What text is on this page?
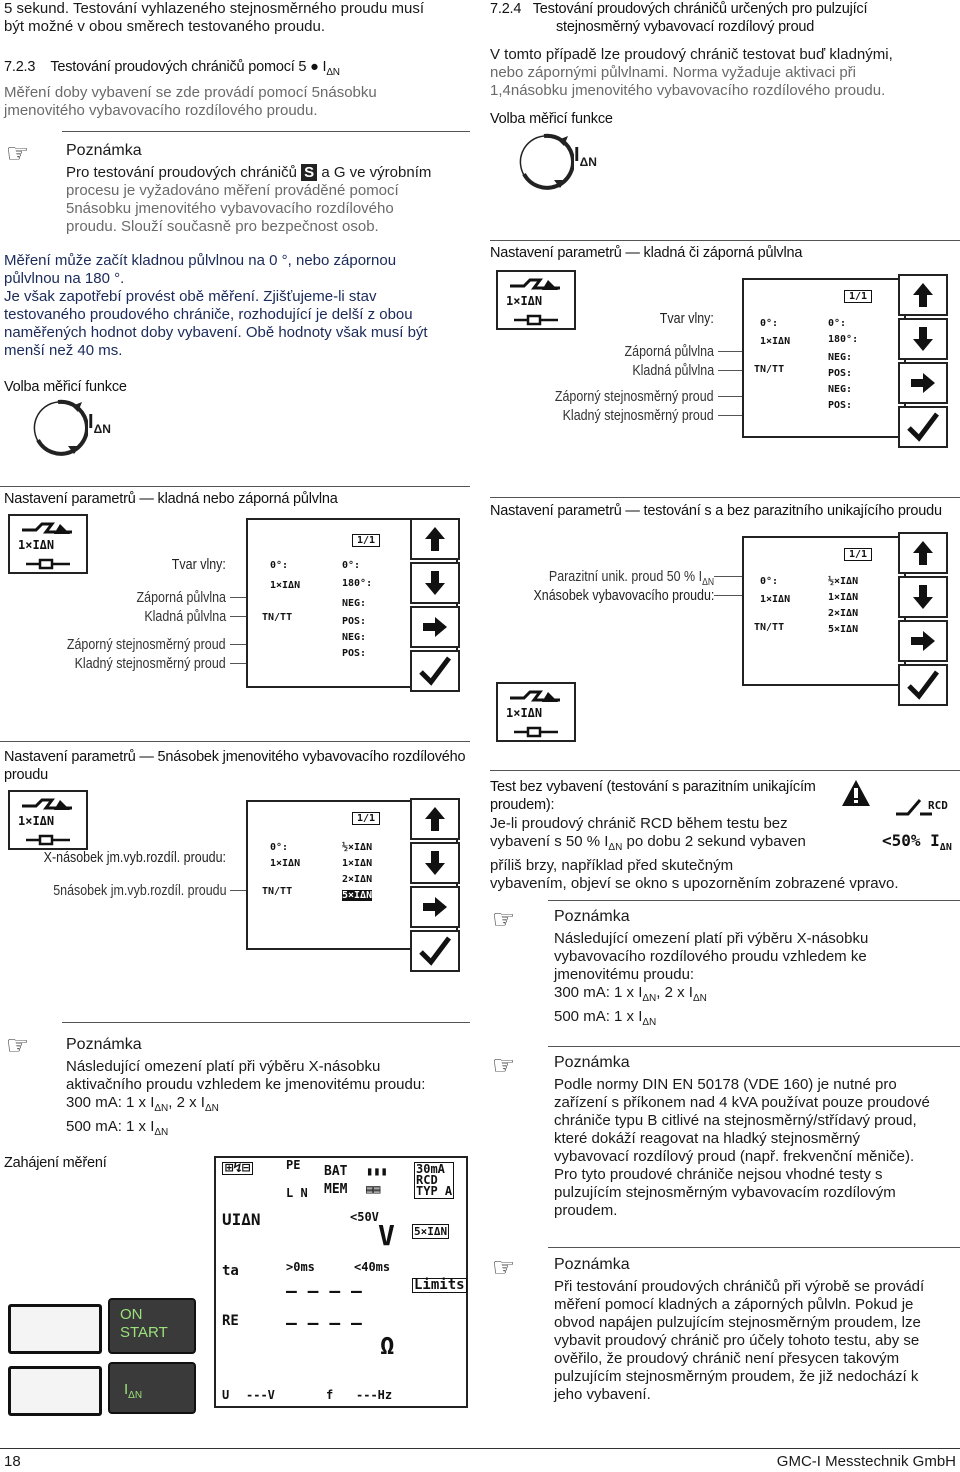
5 sekund. Testování vyhlazeného stejnosměrného proudu musí
být možné v obou směrech testovaného proudu.
7.2.3 Testování proudových chráničů pomocí 5 ● $I_{\Delta N}$
Měření doby vybavení se zde provádí pomocí 5násobku
jmenovitého vybavovacího rozdílového proudu.
☞ Poznámka
Pro testování proudových chráničů S a G ve výrobním
procesu je vyžadováno měření prováděné pomocí
5násobku jmenovitého vybavovacího rozdílového
proudu. Slouží současně pro bezpečnost osob.
Měření může začít kladnou půlvlnou na 0 °, nebo zápornou
půlvlnou na 180 °.
Je však zapotřebí provést obě měření. Zjišťujeme-li stav
testovaného proudového chrániče, rozhodující je delší z obou
naměřených hodnot doby vybavení. Obě hodnoty však musí být
menší než 40 ms.
Volba měřicí funkce
$I_{\Delta N}$
Nastavení parametrů — kladná nebo záporná půlvlna
1×IΔN
Tvar vlny:
Záporná půlvlna
Kladná půlvlna
Záporný stejnosměrný proud
Kladný stejnosměrný proud
0°:
1×IΔN
TN/TT
1/1
0°:
180°:
NEG:
POS:
NEG:
POS:
Nastavení parametrů — 5násobek jmenovitého vybavovacího rozdílového
proudu
1×IΔN
X-násobek jm.vyb.rozdíl. proudu:
5násobek jm.vyb.rozdíl. proudu
0°:
1×IΔN
TN/TT
1/1
½×IΔN
1×IΔN
2×IΔN
5×IΔN
☞ Poznámka
Následující omezení platí při výběru X-násobku
aktivačního proudu vzhledem ke jmenovitému proudu:
300 mA: 1 x $I_{\Delta N}$, 2 x $I_{\Delta N}$
500 mA: 1 x $I_{\Delta N}$
Zahájení měření	⊞↯⊟	PE
L N
BAT
MEM
▮▮▮
▤▤
30mA
RCD
TYP A
UIΔN	<50V
V 5×IΔN
ta	>0ms	<40ms
Limits
— — — —
RE	— — — —
Ω
U ---V	f ---Hz
ON
START
$I_{\Delta N}$
7.2.4 Testování proudových chráničů určených pro pulzující
stejnosměrný vybavovací rozdílový proud
V tomto případě lze proudový chránič testovat buď kladnými,
nebo zápornými půlvlnami. Norma vyžaduje aktivaci při
1,4násobku jmenovitého vybavovacího rozdílového proudu.
Volba měřicí funkce
$I_{\Delta N}$
Nastavení parametrů — kladná či záporná půlvlna
1×IΔN
Tvar vlny:
Záporná půlvlna
Kladná půlvlna
Záporný stejnosměrný proud
Kladný stejnosměrný proud
0°:
1×IΔN
TN/TT
1/1
0°:
180°:
NEG:
POS:
NEG:
POS:
Nastavení parametrů — testování s a bez parazitního unikajícího proudu
Parazitní unik. proud 50 % $I_{\Delta N}$
Xnásobek vybavovacího proudu:
0°:
1×IΔN
TN/TT
1/1
½×IΔN
1×IΔN
2×IΔN
5×IΔN
1×IΔN
Test bez vybavení (testování s parazitním unikajícím
proudem):
Je-li proudový chránič RCD během testu bez
vybavení s 50 % $I_{\Delta N}$ po dobu 2 sekund vybaven
příliš brzy, například před skutečným
vybavením, objeví se okno s upozorněním zobrazené vpravo.
RCD
<50% $I_{\Delta N}$
☞ Poznámka
Následující omezení platí při výběru X-násobku
vybavovacího rozdílového proudu vzhledem ke
jmenovitému proudu:
300 mA: 1 x $I_{\Delta N}$, 2 x $I_{\Delta N}$
500 mA: 1 x $I_{\Delta N}$
☞ Poznámka
Podle normy DIN EN 50178 (VDE 160) je nutné pro
zařízení s příkonem nad 4 kVA používat pouze proudové
chrániče typu B citlivé na stejnosměrný/střídavý proud,
které dokáží reagovat na hladký stejnosměrný
vybavovací rozdílový proud (např. frekvenční měniče).
Pro tyto proudové chrániče nejsou vhodné testy s
pulzujícím stejnosměrným vybavovacím rozdílovým
proudem.
☞ Poznámka
Při testování proudových chráničů při výrobě se provádí
měření pomocí kladných a záporných půlvln. Pokud je
obvod napájen pulzujícím stejnosměrným proudem, lze
vybavit proudový chránič pro účely tohoto testu, aby se
ověřilo, že proudový chránič není přesycen takovým
pulzujícím stejnosměrným proudem, že již nedochází k
jeho vybavení.
18	GMC-I Messtechnik GmbH
